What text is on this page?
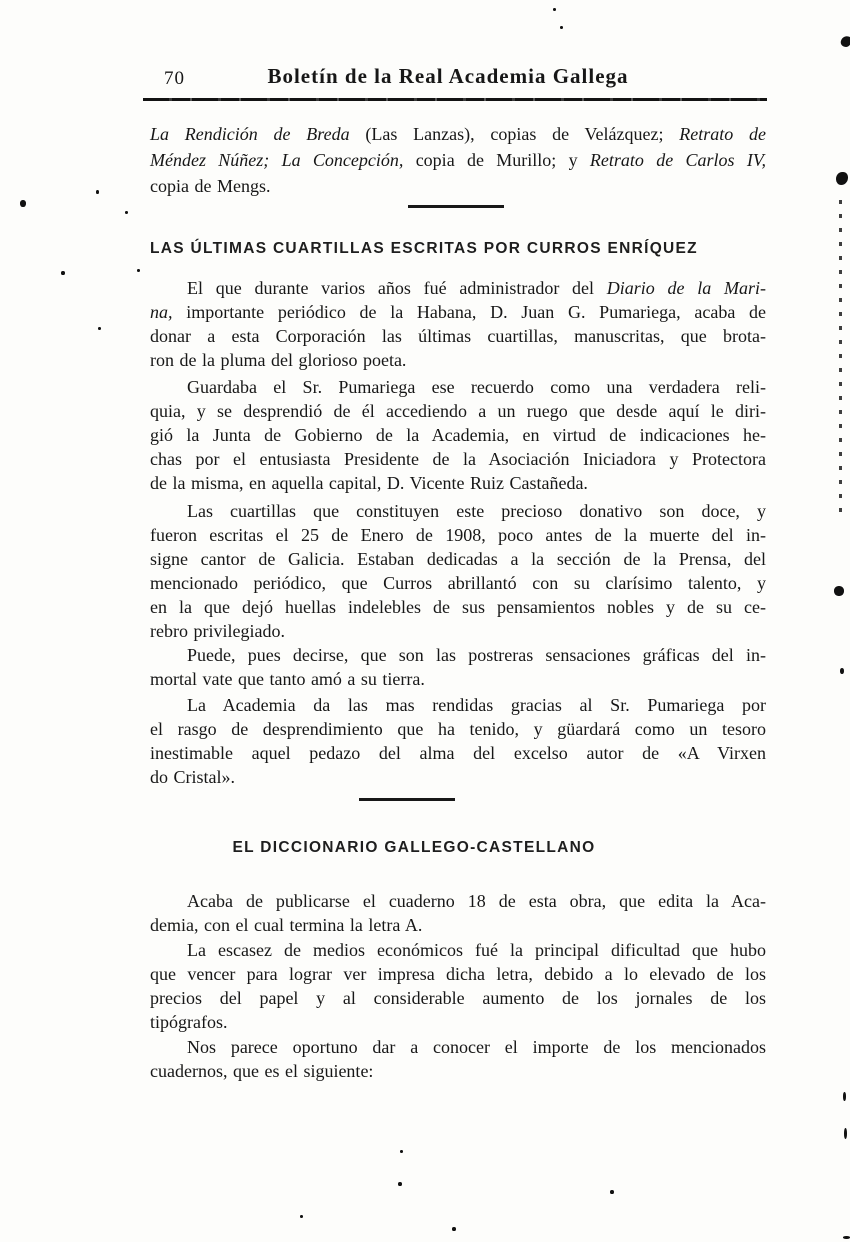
70	Boletín de la Real Academia Gallega
La Rendición de Breda (Las Lanzas), copias de Velázquez; Retrato de
Méndez Núñez; La Concepción, copia de Murillo; y Retrato de Carlos IV,
copia de Mengs.
LAS ÚLTIMAS CUARTILLAS ESCRITAS POR CURROS ENRÍQUEZ
El que durante varios años fué administrador del Diario de la Mari-
na, importante periódico de la Habana, D. Juan G. Pumariega, acaba de
donar a esta Corporación las últimas cuartillas, manuscritas, que brota-
ron de la pluma del glorioso poeta.
Guardaba el Sr. Pumariega ese recuerdo como una verdadera reli-
quia, y se desprendió de él accediendo a un ruego que desde aquí le diri-
gió la Junta de Gobierno de la Academia, en virtud de indicaciones he-
chas por el entusiasta Presidente de la Asociación Iniciadora y Protectora
de la misma, en aquella capital, D. Vicente Ruiz Castañeda.
Las cuartillas que constituyen este precioso donativo son doce, y
fueron escritas el 25 de Enero de 1908, poco antes de la muerte del in-
signe cantor de Galicia. Estaban dedicadas a la sección de la Prensa, del
mencionado periódico, que Curros abrillantó con su clarísimo talento, y
en la que dejó huellas indelebles de sus pensamientos nobles y de su ce-
rebro privilegiado.
Puede, pues decirse, que son las postreras sensaciones gráficas del in-
mortal vate que tanto amó a su tierra.
La Academia da las mas rendidas gracias al Sr. Pumariega por
el rasgo de desprendimiento que ha tenido, y güardará como un tesoro
inestimable aquel pedazo del alma del excelso autor de «A Virxen
do Cristal».
EL DICCIONARIO GALLEGO-CASTELLANO
Acaba de publicarse el cuaderno 18 de esta obra, que edita la Aca-
demia, con el cual termina la letra A.
La escasez de medios económicos fué la principal dificultad que hubo
que vencer para lograr ver impresa dicha letra, debido a lo elevado de los
precios del papel y al considerable aumento de los jornales de los
tipógrafos.
Nos parece oportuno dar a conocer el importe de los mencionados
cuadernos, que es el siguiente:
